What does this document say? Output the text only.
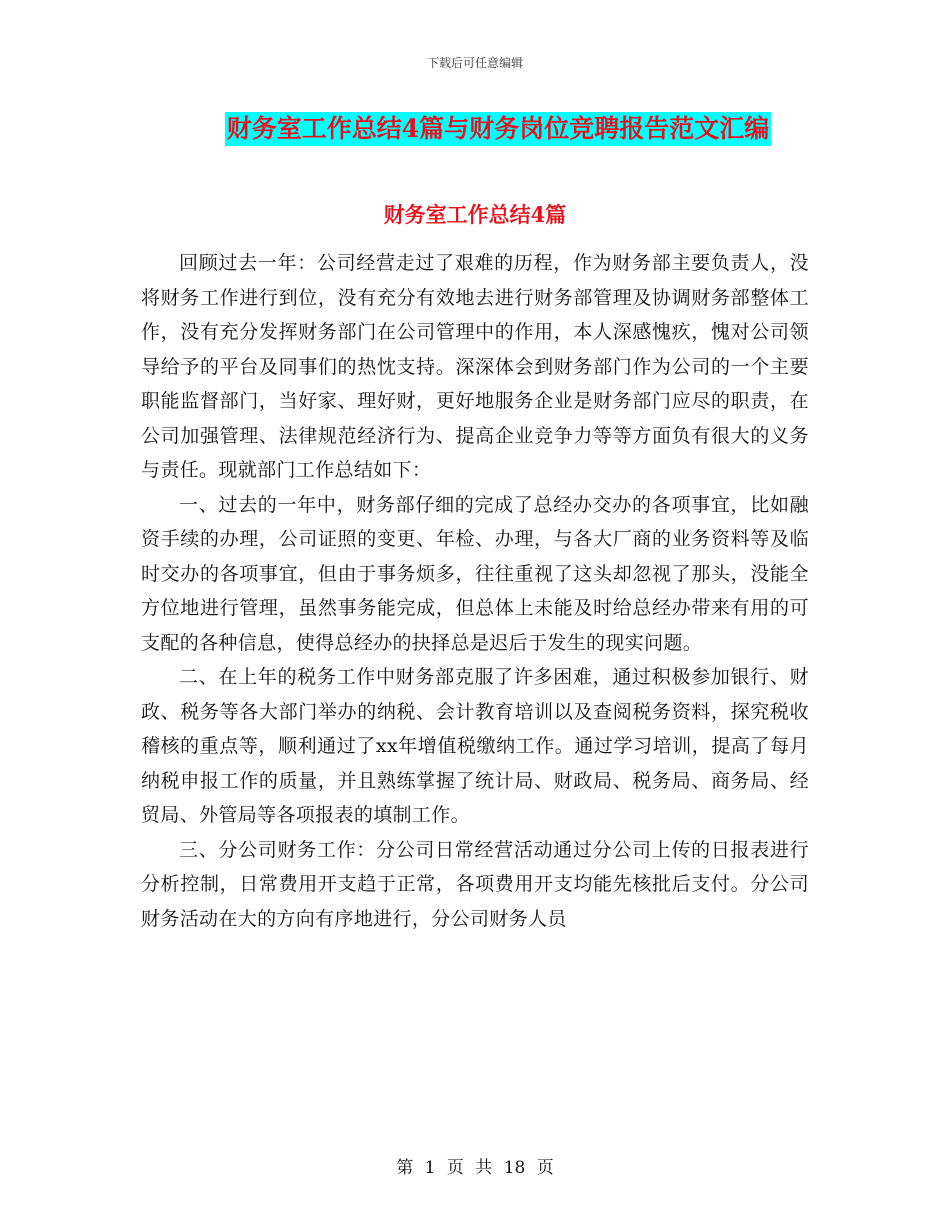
下载后可任意编辑
财务室工作总结4篇与财务岗位竞聘报告范文汇编
财务室工作总结4篇

回顾过去一年：公司经营走过了艰难的历程，作为财务部主要负责人，没将财务工作进行到位，没有充分有效地去进行财务部管理及协调财务部整体工作，没有充分发挥财务部门在公司管理中的作用，本人深感愧疚，愧对公司领导给予的平台及同事们的热忱支持。深深体会到财务部门作为公司的一个主要职能监督部门，当好家、理好财，更好地服务企业是财务部门应尽的职责，在公司加强管理、法律规范经济行为、提高企业竞争力等等方面负有很大的义务与责任。现就部门工作总结如下：

一、过去的一年中，财务部仔细的完成了总经办交办的各项事宜，比如融资手续的办理，公司证照的变更、年检、办理，与各大厂商的业务资料等及临时交办的各项事宜，但由于事务烦多，往往重视了这头却忽视了那头，没能全方位地进行管理，虽然事务能完成，但总体上未能及时给总经办带来有用的可支配的各种信息，使得总经办的抉择总是迟后于发生的现实问题。

二、在上年的税务工作中财务部克服了许多困难，通过积极参加银行、财政、税务等各大部门举办的纳税、会计教育培训以及查阅税务资料，探究税收稽核的重点等，顺利通过了xx年增值税缴纳工作。通过学习培训，提高了每月纳税申报工作的质量，并且熟练掌握了统计局、财政局、税务局、商务局、经贸局、外管局等各项报表的填制工作。

三、分公司财务工作：分公司日常经营活动通过分公司上传的日报表进行分析控制，日常费用开支趋于正常，各项费用开支均能先核批后支付。分公司财务活动在大的方向有序地进行，分公司财务人员

第 1 页 共 18 页
